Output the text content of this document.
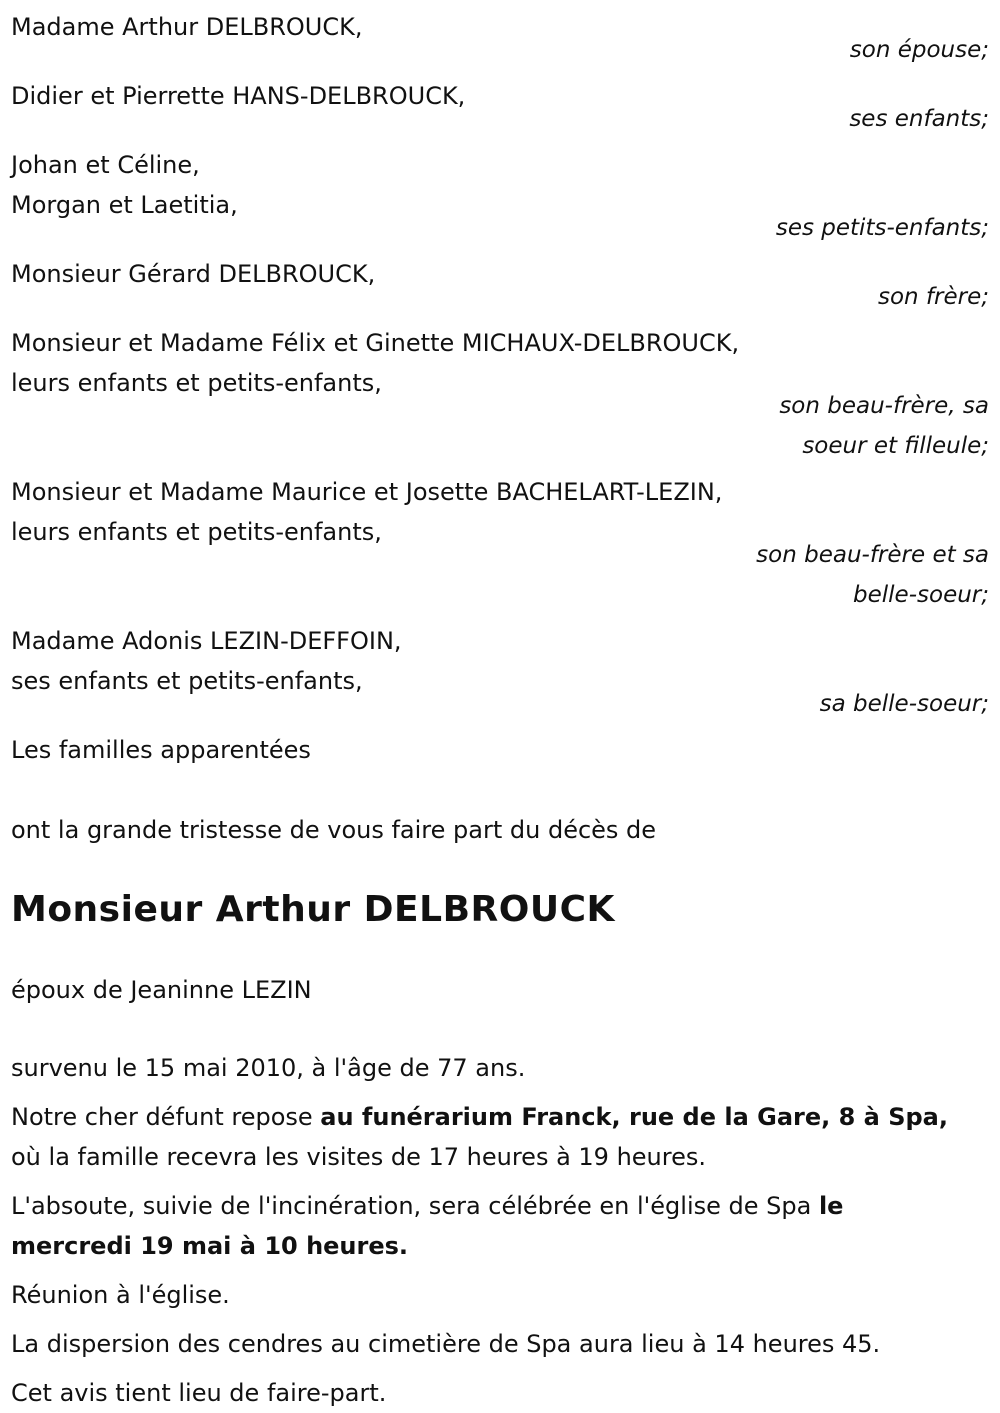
Madame Arthur DELBROUCK,
son épouse;
Didier et Pierrette HANS-DELBROUCK,
ses enfants;
Johan et Céline,
Morgan et Laetitia,
ses petits-enfants;
Monsieur Gérard DELBROUCK,
son frère;
Monsieur et Madame Félix et Ginette MICHAUX-DELBROUCK,
leurs enfants et petits-enfants,
son beau-frère, sa
soeur et filleule;
Monsieur et Madame Maurice et Josette BACHELART-LEZIN,
leurs enfants et petits-enfants,
son beau-frère et sa
belle-soeur;
Madame Adonis LEZIN-DEFFOIN,
ses enfants et petits-enfants,
sa belle-soeur;
Les familles apparentées
ont la grande tristesse de vous faire part du décès de
Monsieur Arthur DELBROUCK
époux de Jeaninne LEZIN
survenu le 15 mai 2010, à l'âge de 77 ans.
Notre cher défunt repose au funérarium Franck, rue de la Gare, 8 à Spa,
où la famille recevra les visites de 17 heures à 19 heures.
L'absoute, suivie de l'incinération, sera célébrée en l'église de Spa le
mercredi 19 mai à 10 heures.
Réunion à l'église.
La dispersion des cendres au cimetière de Spa aura lieu à 14 heures 45.
Cet avis tient lieu de faire-part.
